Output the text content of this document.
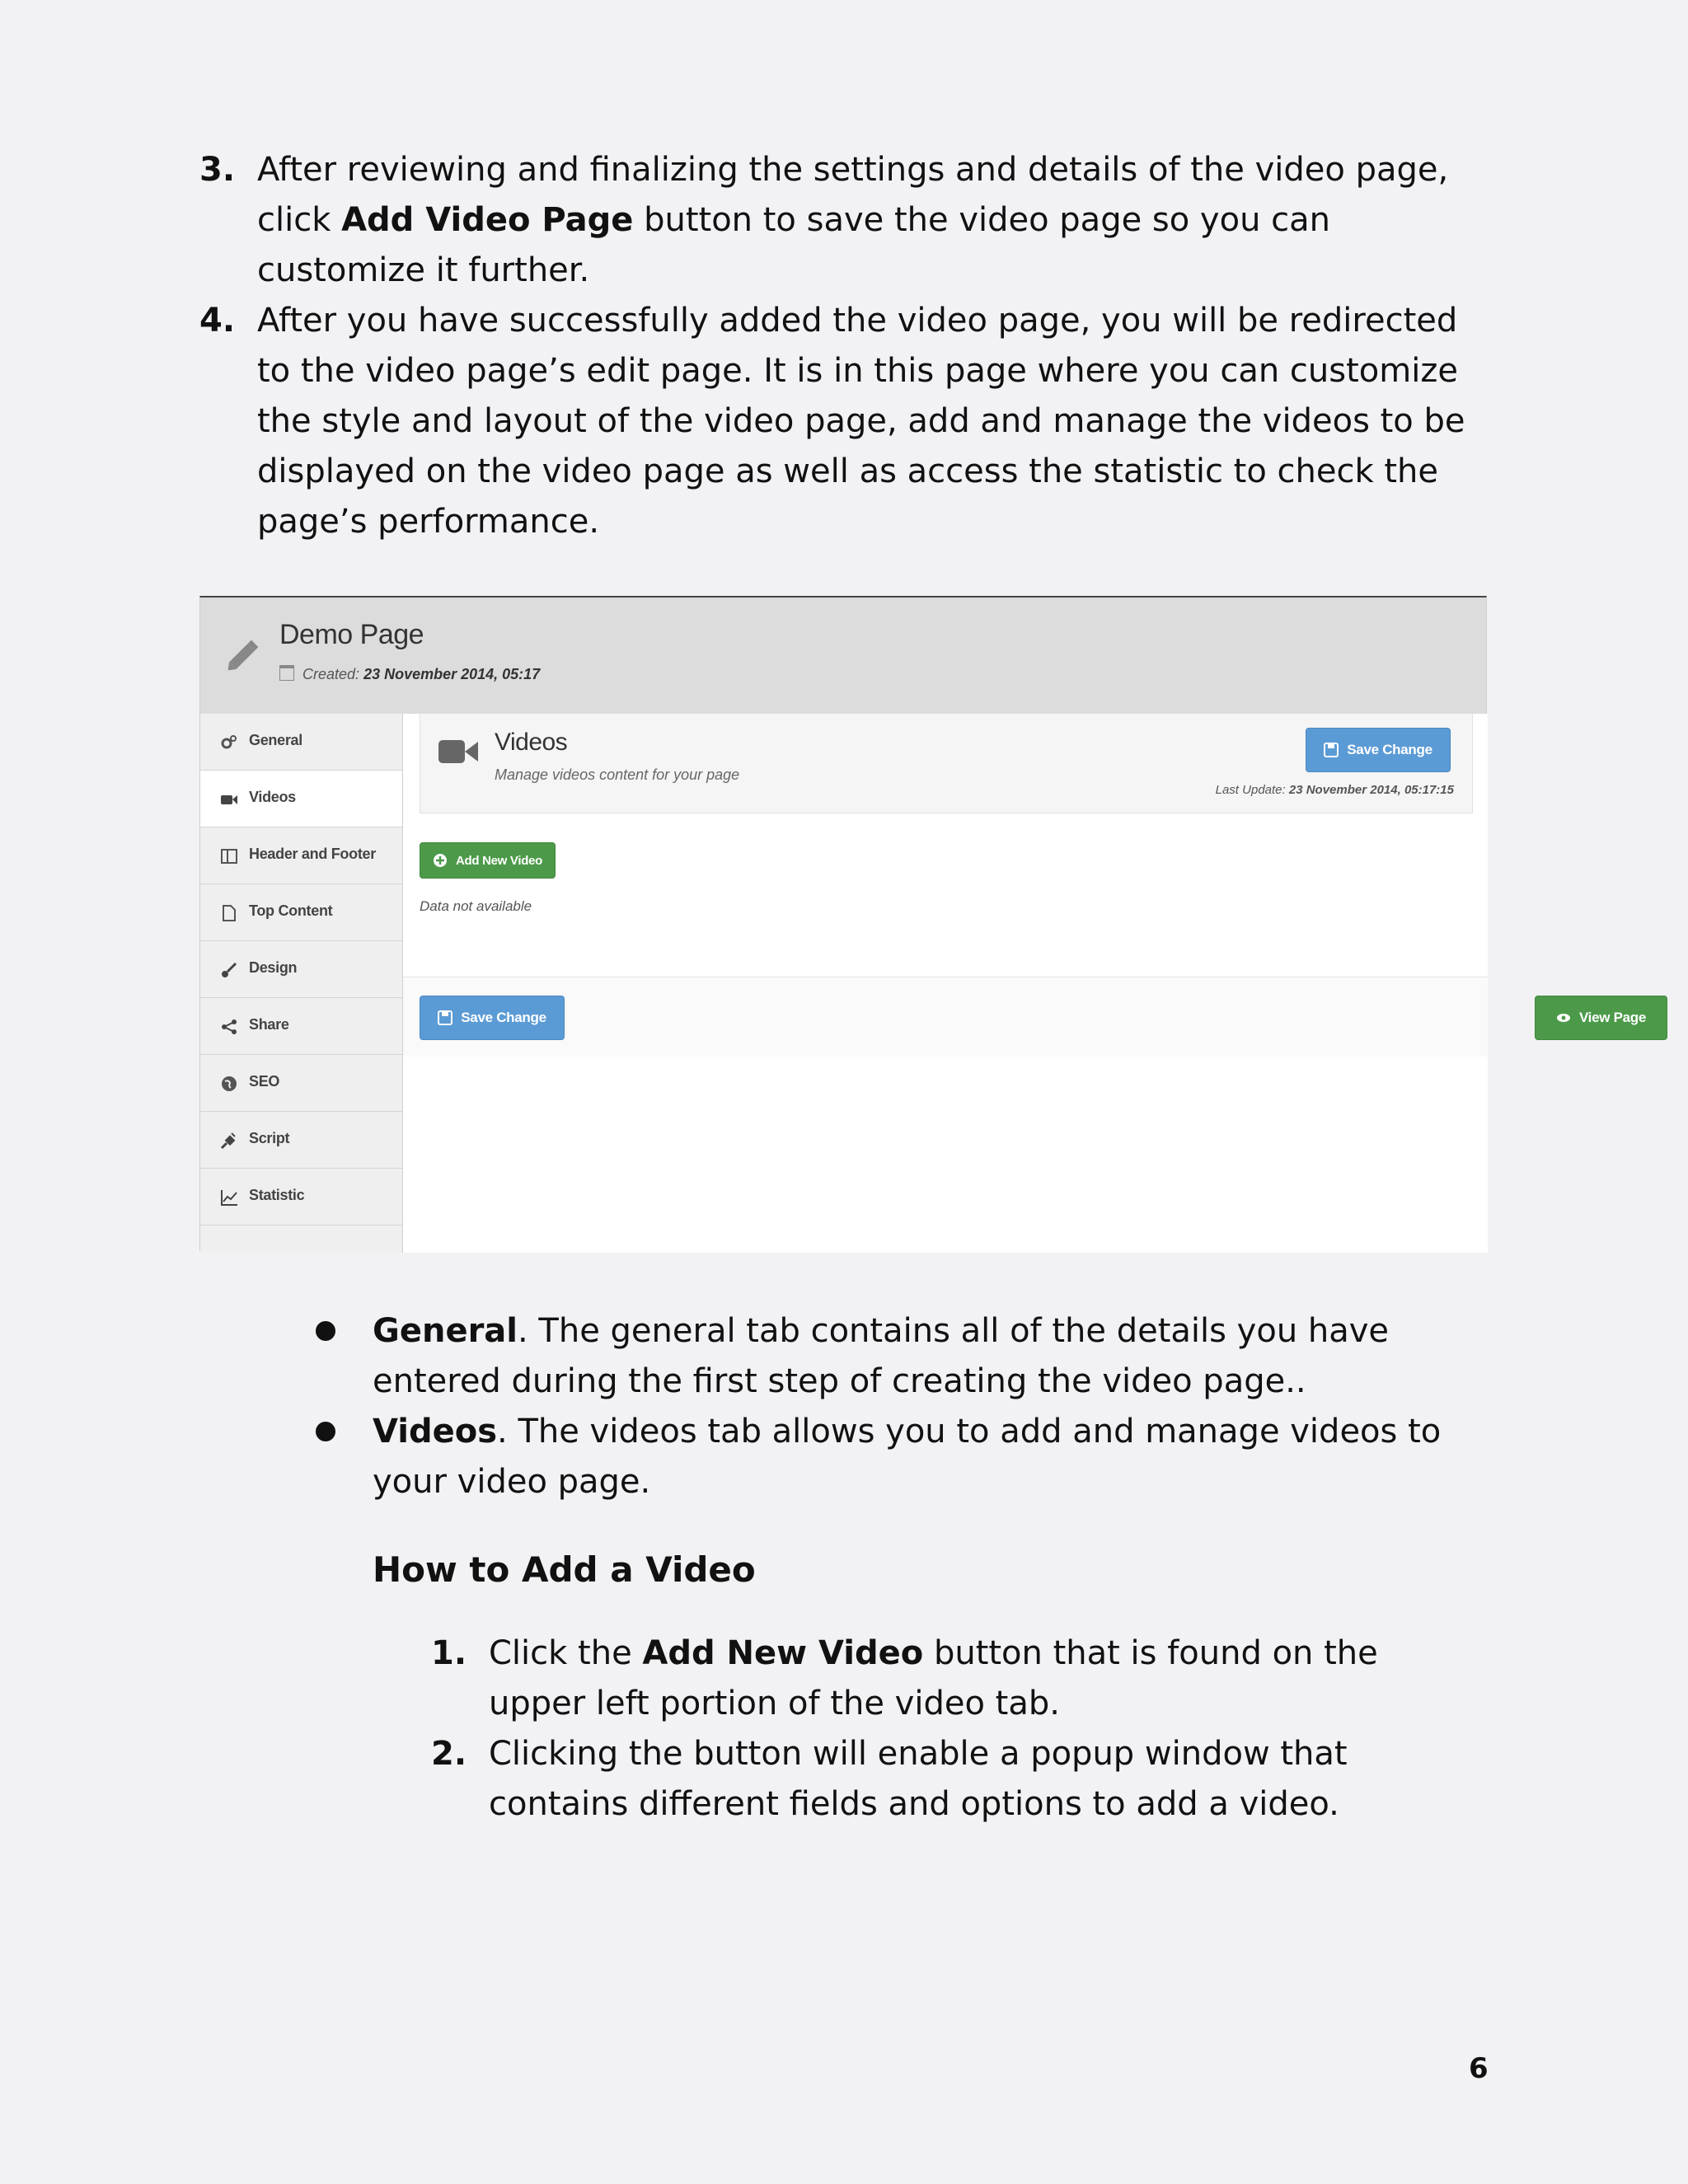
3. After reviewing and finalizing the settings and details of the video page, click Add Video Page button to save the video page so you can customize it further.
4. After you have successfully added the video page, you will be redirected to the video page’s edit page. It is in this page where you can customize the style and layout of the video page, add and manage the videos to be displayed on the video page as well as access the statistic to check the page’s performance.
Demo Page
Created: 23 November 2014, 05:17
General
Videos
Header and Footer
Top Content
Design
Share
SEO
Script
Statistic
Videos
Manage videos content for your page
Save Change
Last Update: 23 November 2014, 05:17:15
Add New Video
Data not available
Save Change	View Page
General. The general tab contains all of the details you have entered during the first step of creating the video page..
Videos. The videos tab allows you to add and manage videos to your video page.
How to Add a Video
1. Click the Add New Video button that is found on the upper left portion of the video tab.
2. Clicking the button will enable a popup window that contains different fields and options to add a video.
6
